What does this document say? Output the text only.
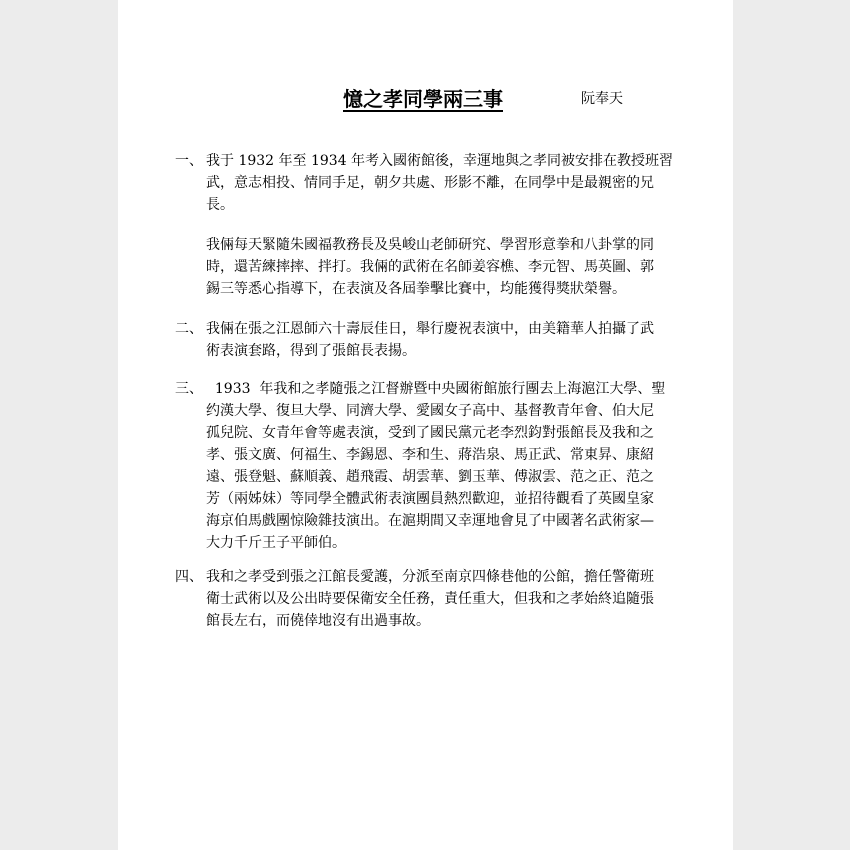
憶之孝同學兩三事	阮奉天

一、 我于 1932 年至 1934 年考入國術館後，幸運地與之孝同被安排在教授班習
武，意志相投、情同手足，朝夕共處、形影不離，在同學中是最親密的兄
長。
我倆每天緊隨朱國福教務長及吳峻山老師研究、學習形意拳和八卦掌的同
時，還苦練摔摔、拌打。我倆的武術在名師姜容樵、李元智、馬英圖、郭
錫三等悉心指導下，在表演及各屆拳擊比賽中，均能獲得獎狀榮譽。
二、 我倆在張之江恩師六十壽辰佳日，舉行慶祝表演中，由美籍華人拍攝了武
術表演套路，得到了張館長表揚。
三、 1933  年我和之孝隨張之江督辦暨中央國術館旅行團去上海滬江大學、聖
约漢大學、復旦大學、同濟大學、愛國女子高中、基督教青年會、伯大尼
孤兒院、女青年會等處表演，受到了國民黨元老李烈鈞對張館長及我和之
孝、張文廣、何福生、李錫恩、李和生、蔣浩泉、馬正武、常東昇、康紹
遠、張登魁、蘇順義、趙飛霞、胡雲華、劉玉華、傅淑雲、范之正、范之
芳（兩姊妹）等同學全體武術表演團員熱烈歡迎，並招待觀看了英國皇家
海京伯馬戲團惊險雜技演出。在滬期間又幸運地會見了中國著名武術家—
大力千斤王子平師伯。
四、 我和之孝受到張之江館長愛護，分派至南京四條巷他的公館，擔任警衛班
衛士武術以及公出時要保衛安全任務，責任重大，但我和之孝始終追隨張
館長左右，而僥倖地沒有出過事故。
